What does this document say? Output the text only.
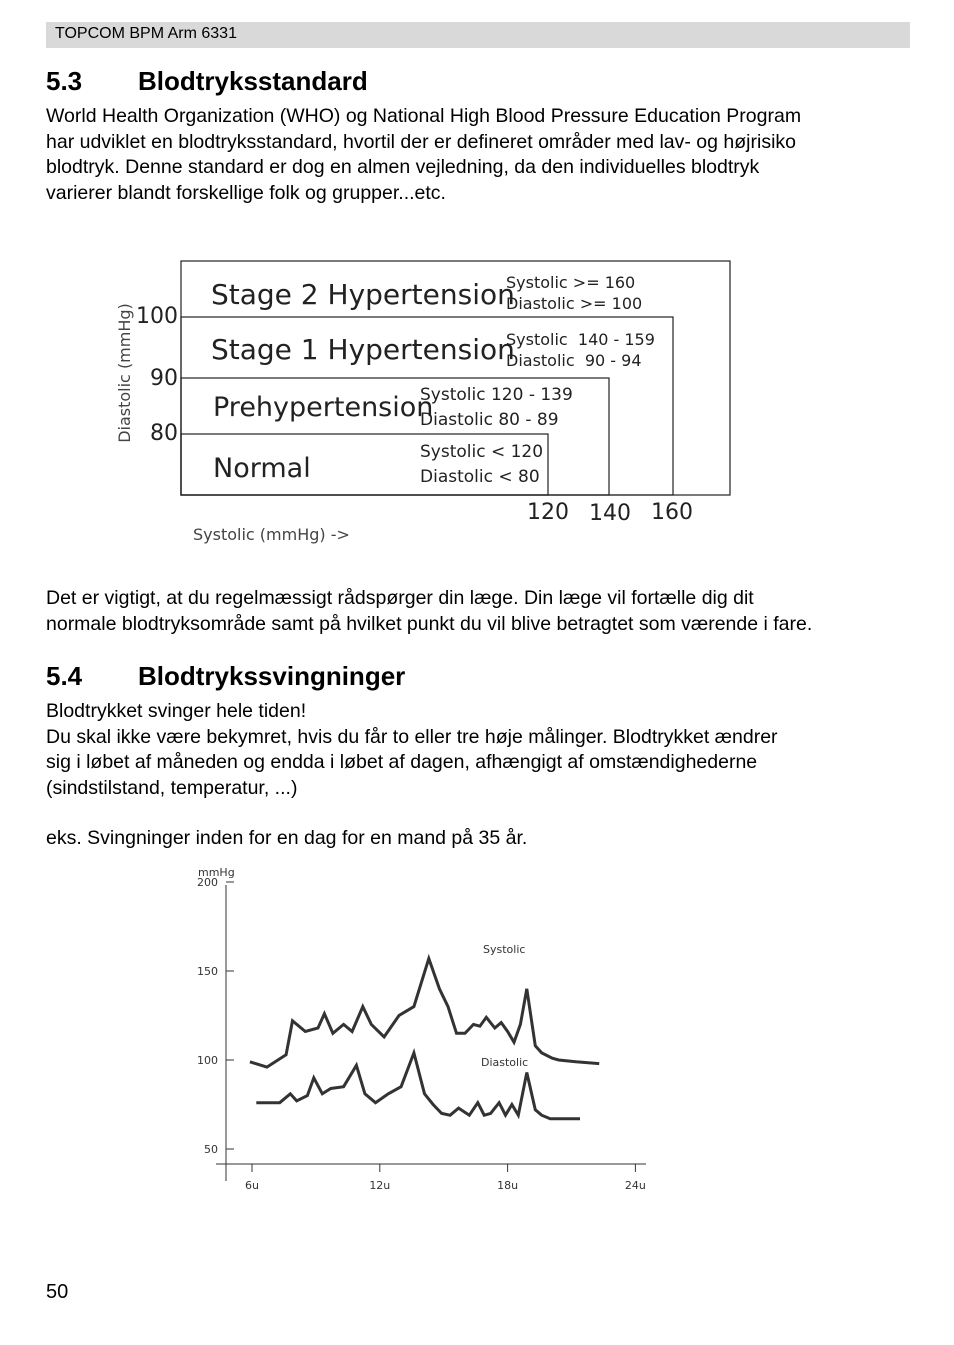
TOPCOM BPM Arm 6331
5.3 Blodtryksstandard
World Health Organization (WHO) og National High Blood Pressure Education Program
har udviklet en blodtryksstandard, hvortil der er defineret områder med lav- og højrisiko
blodtryk. Denne standard er dog en almen vejledning, da den individuelles blodtryk
varierer blandt forskellige folk og grupper...etc.
Stage 2 Hypertension
Stage 1 Hypertension
Prehypertension
Normal
Systolic >= 160
Diastolic >= 100
Systolic  140 - 159
Diastolic  90 - 94
Systolic 120 - 139
Diastolic 80 - 89
Systolic < 120
Diastolic < 80
100
90
80
120 140 160
Diastolic (mmHg)
Systolic (mmHg) ->
Det er vigtigt, at du regelmæssigt rådspørger din læge. Din læge vil fortælle dig dit
normale blodtryksområde samt på hvilket punkt du vil blive betragtet som værende i fare.
5.4 Blodtrykssvingninger
Blodtrykket svinger hele tiden!
Du skal ikke være bekymret, hvis du får to eller tre høje målinger. Blodtrykket ændrer
sig i løbet af måneden og endda i løbet af dagen, afhængigt af omstændighederne
(sindstilstand, temperatur, ...)
eks. Svingninger inden for en dag for en mand på 35 år.
mmHg
200
150
100
50
6u	12u	18u	24u
Systolic
Diastolic
50
